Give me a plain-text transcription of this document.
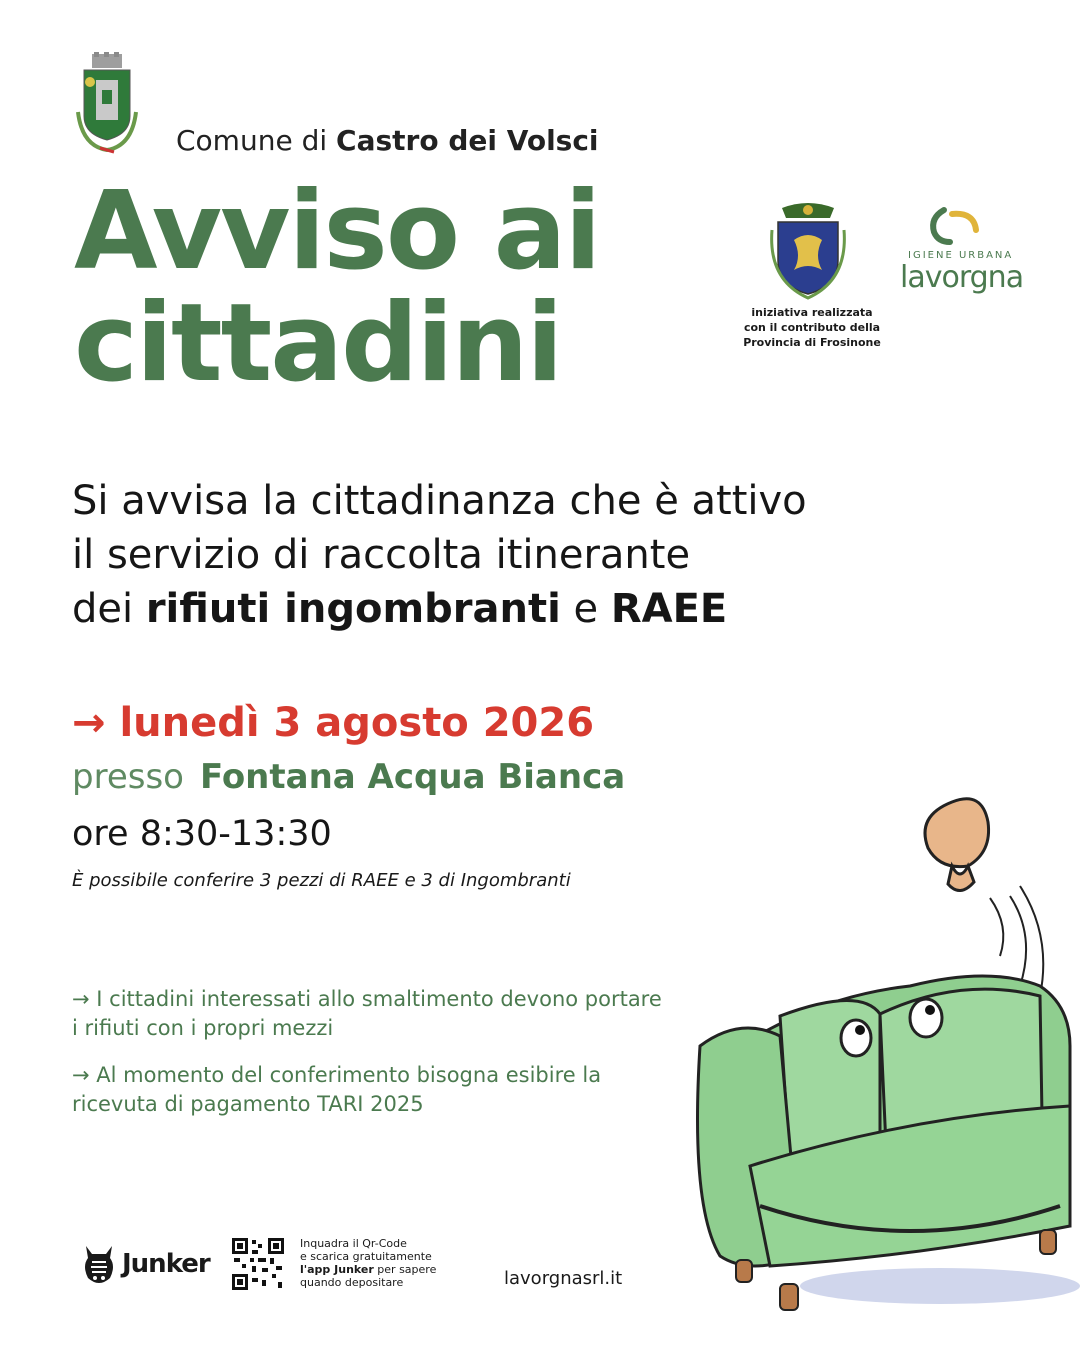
Comune di Castro dei Volsci
Avviso ai
cittadini	iniziativa realizzata
con il contributo della
Provincia di Frosinone
IGIENE URBANA
lavorgna
Si avvisa la cittadinanza che è attivo
il servizio di raccolta itinerante
dei rifiuti ingombranti e RAEE
→ lunedì 3 agosto 2026
presso Fontana Acqua Bianca
ore 8:30-13:30
È possibile conferire 3 pezzi di RAEE e 3 di Ingombranti
→ I cittadini interessati allo smaltimento devono portare i rifiuti con i propri mezzi
→ Al momento del conferimento bisogna esibire la ricevuta di pagamento TARI 2025
Junker
Inquadra il Qr-Code
e scarica gratuitamente
l'app Junker per sapere
quando depositare	lavorgnasrl.it
